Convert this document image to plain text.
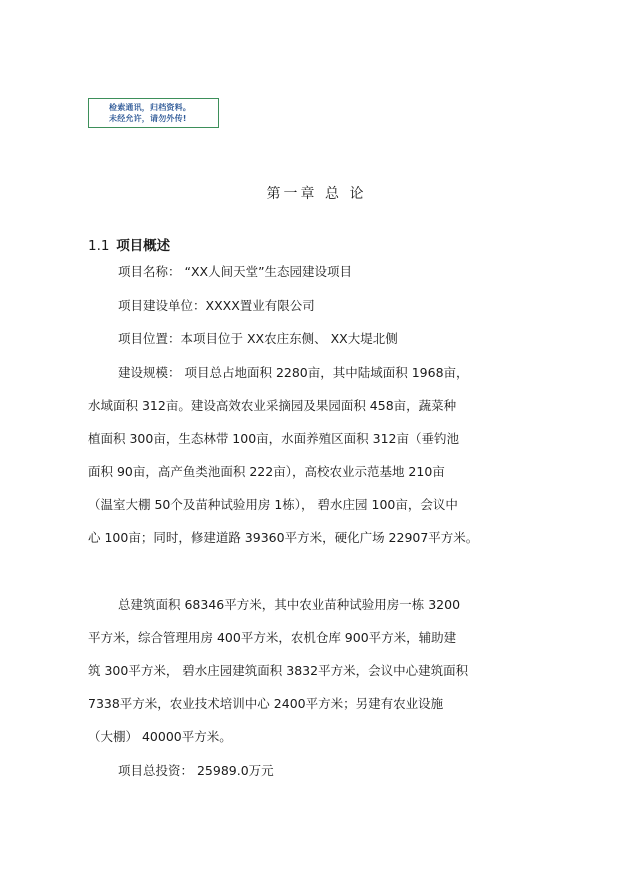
检索通讯，归档资料。
未经允许，请勿外传!
第一章 总 论
1.1 项目概述
项目名称： “XX人间天堂”生态园建设项目
项目建设单位：XXXX置业有限公司
项目位置：本项目位于 XX农庄东侧、 XX大堤北侧
建设规模： 项目总占地面积 2280亩，其中陆域面积 1968亩，
水域面积 312亩。建设高效农业采摘园及果园面积 458亩，蔬菜种
植面积 300亩，生态林带 100亩，水面养殖区面积 312亩（垂钓池
面积 90亩，高产鱼类池面积 222亩），高校农业示范基地 210亩
（温室大棚 50个及苗种试验用房 1栋）， 碧水庄园 100亩，会议中
心 100亩；同时，修建道路 39360平方米，硬化广场 22907平方米。
总建筑面积 68346平方米，其中农业苗种试验用房一栋 3200
平方米，综合管理用房 400平方米，农机仓库 900平方米，辅助建
筑 300平方米， 碧水庄园建筑面积 3832平方米，会议中心建筑面积
7338平方米，农业技术培训中心 2400平方米；另建有农业设施
（大棚） 40000平方米。
项目总投资： 25989.0万元
